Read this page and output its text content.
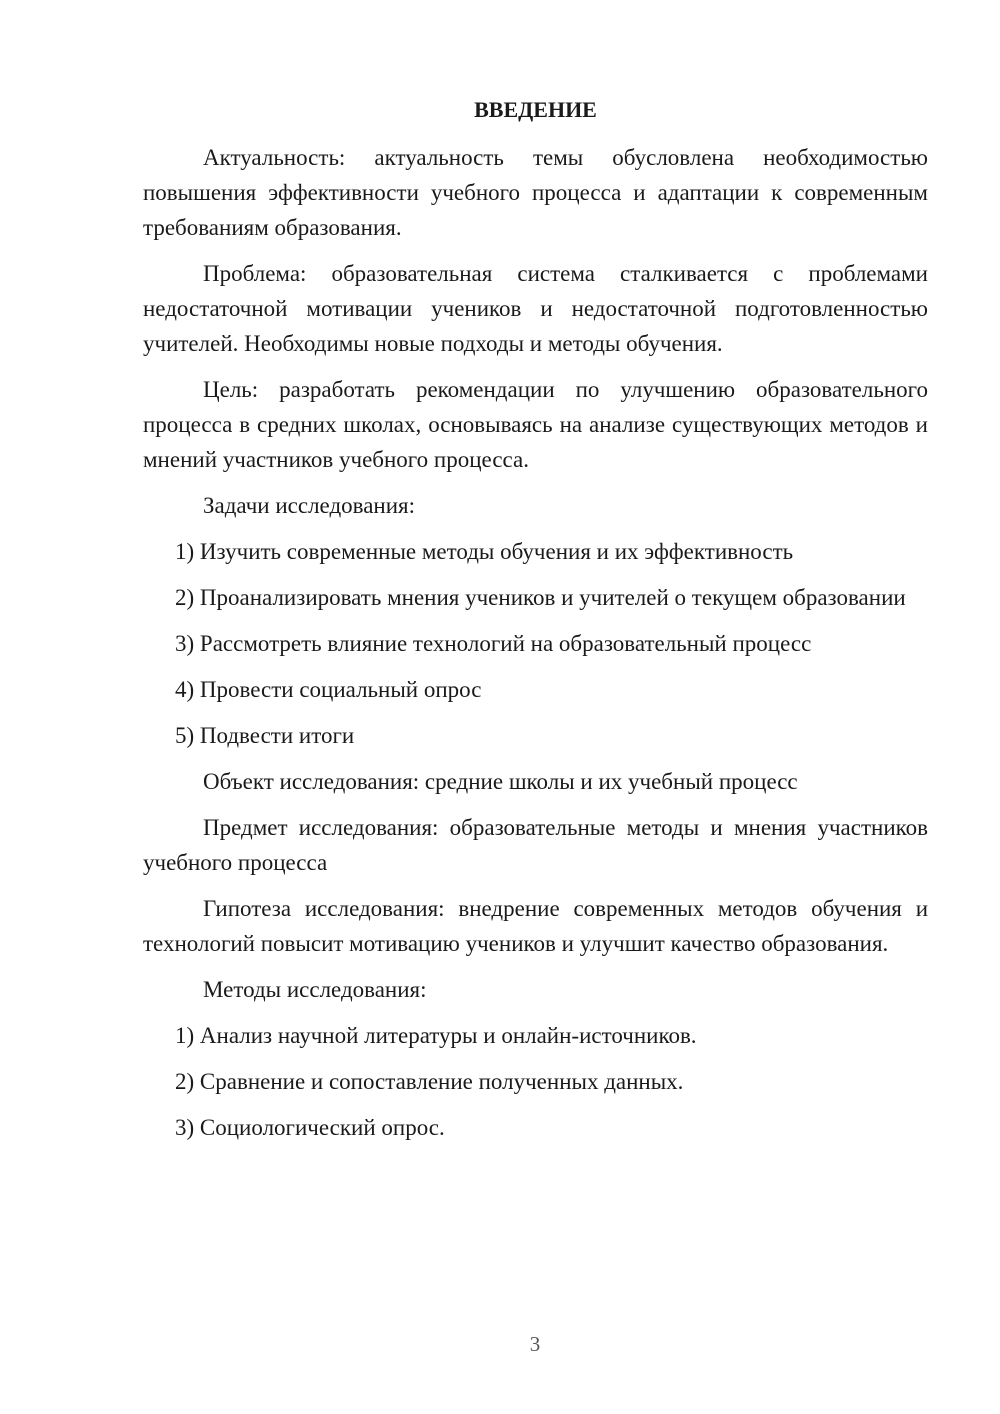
ВВЕДЕНИЕ
Актуальность: актуальность темы обусловлена необходимостью повышения эффективности учебного процесса и адаптации к современным требованиям образования.
Проблема: образовательная система сталкивается с проблемами недостаточной мотивации учеников и недостаточной подготовленностью учителей. Необходимы новые подходы и методы обучения.
Цель: разработать рекомендации по улучшению образовательного процесса в средних школах, основываясь на анализе существующих методов и мнений участников учебного процесса.
Задачи исследования:
1) Изучить современные методы обучения и их эффективность
2) Проанализировать мнения учеников и учителей о текущем образовании
3) Рассмотреть влияние технологий на образовательный процесс
4) Провести социальный опрос
5) Подвести итоги
Объект исследования: средние школы и их учебный процесс
Предмет исследования: образовательные методы и мнения участников учебного процесса
Гипотеза исследования: внедрение современных методов обучения и технологий повысит мотивацию учеников и улучшит качество образования.
Методы исследования:
1) Анализ научной литературы и онлайн-источников.
2) Сравнение и сопоставление полученных данных.
3) Социологический опрос.
3
